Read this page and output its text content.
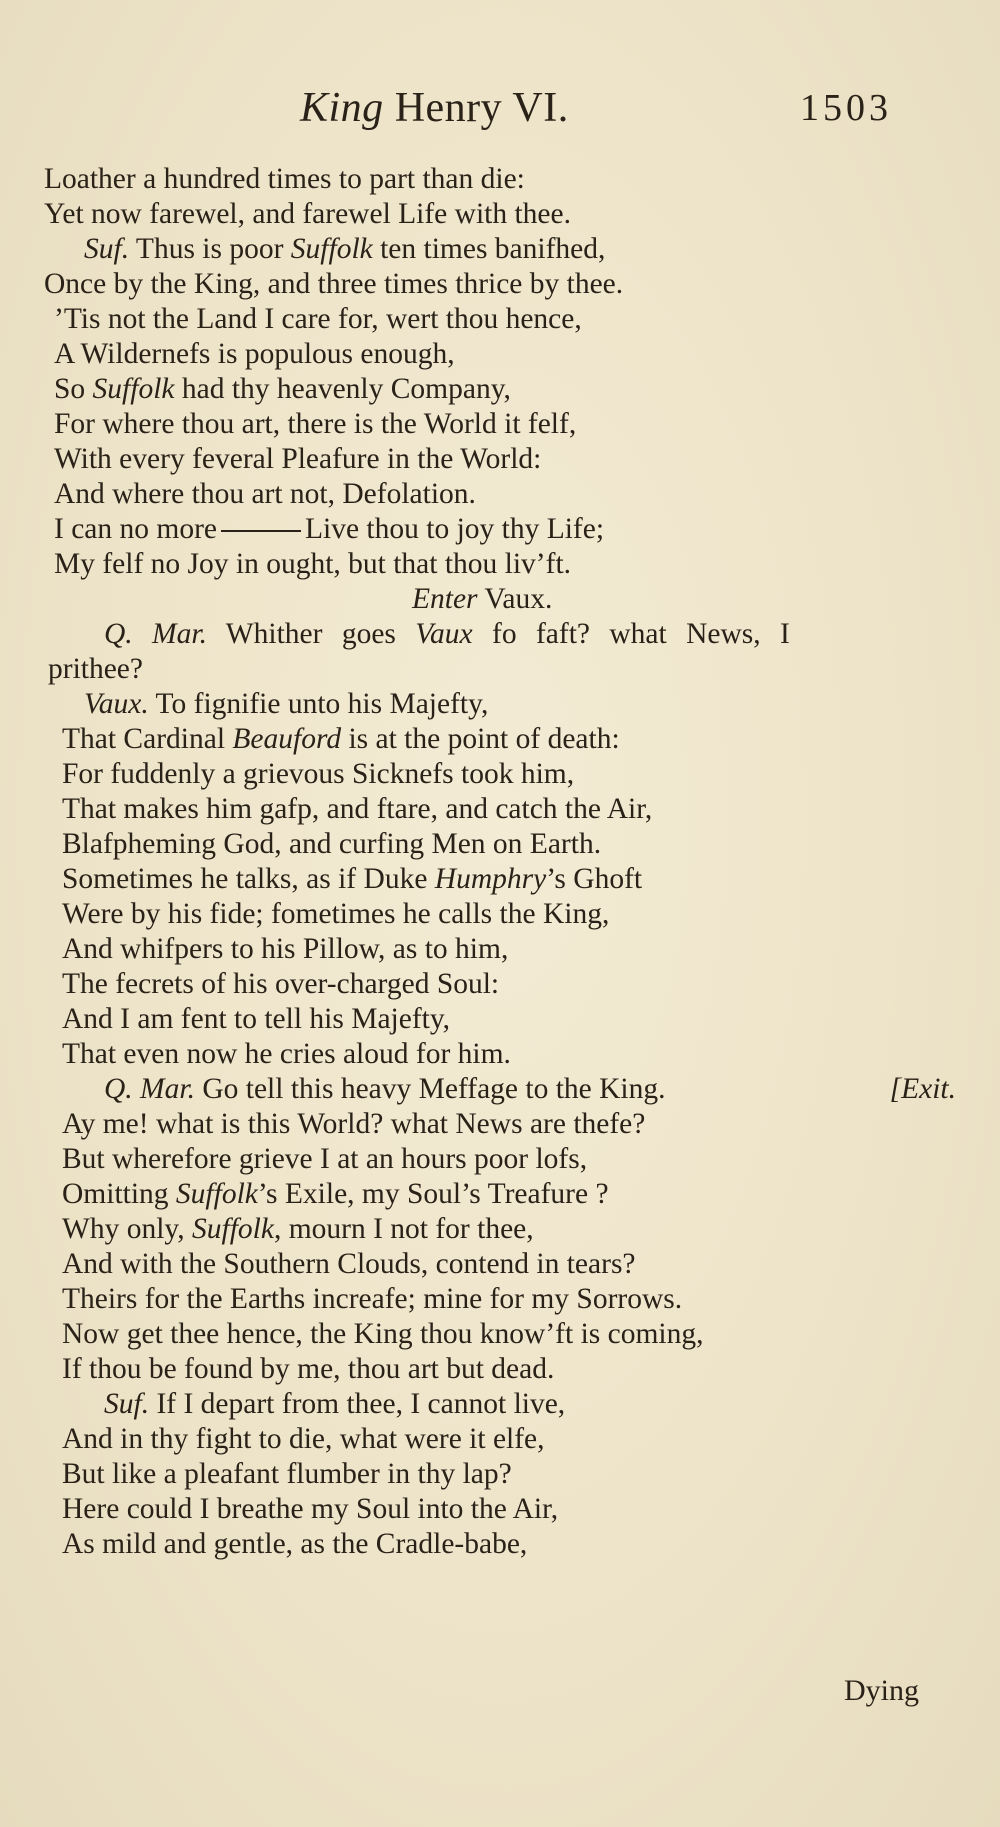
King Henry VI.	1503
Loather a hundred times to part than die:
Yet now farewel, and farewel Life with thee.
Suf. Thus is poor Suffolk ten times banifhed,
Once by the King, and three times thrice by thee.
’Tis not the Land I care for, wert thou hence,
A Wildernefs is populous enough,
So Suffolk had thy heavenly Company,
For where thou art, there is the World it felf,
With every feveral Pleafure in the World:
And where thou art not, Defolation.
I can no more	Live thou to joy thy Life;
My felf no Joy in ought, but that thou liv’ft.
Enter Vaux.
Q. Mar. Whither goes Vaux fo faft? what News, I
prithee?
Vaux. To fignifie unto his Majefty,
That Cardinal Beauford is at the point of death:
For fuddenly a grievous Sicknefs took him,
That makes him gafp, and ftare, and catch the Air,
Blafpheming God, and curfing Men on Earth.
Sometimes he talks, as if Duke Humphry’s Ghoft
Were by his fide; fometimes he calls the King,
And whifpers to his Pillow, as to him,
The fecrets of his over-charged Soul:
And I am fent to tell his Majefty,
That even now he cries aloud for him.
Q. Mar. Go tell this heavy Meffage to the King.	[Exit.
Ay me! what is this World? what News are thefe?
But wherefore grieve I at an hours poor lofs,
Omitting Suffolk’s Exile, my Soul’s Treafure ?
Why only, Suffolk, mourn I not for thee,
And with the Southern Clouds, contend in tears?
Theirs for the Earths increafe; mine for my Sorrows.
Now get thee hence, the King thou know’ft is coming,
If thou be found by me, thou art but dead.
Suf. If I depart from thee, I cannot live,
And in thy fight to die, what were it elfe,
But like a pleafant flumber in thy lap?
Here could I breathe my Soul into the Air,
As mild and gentle, as the Cradle-babe,
Dying
